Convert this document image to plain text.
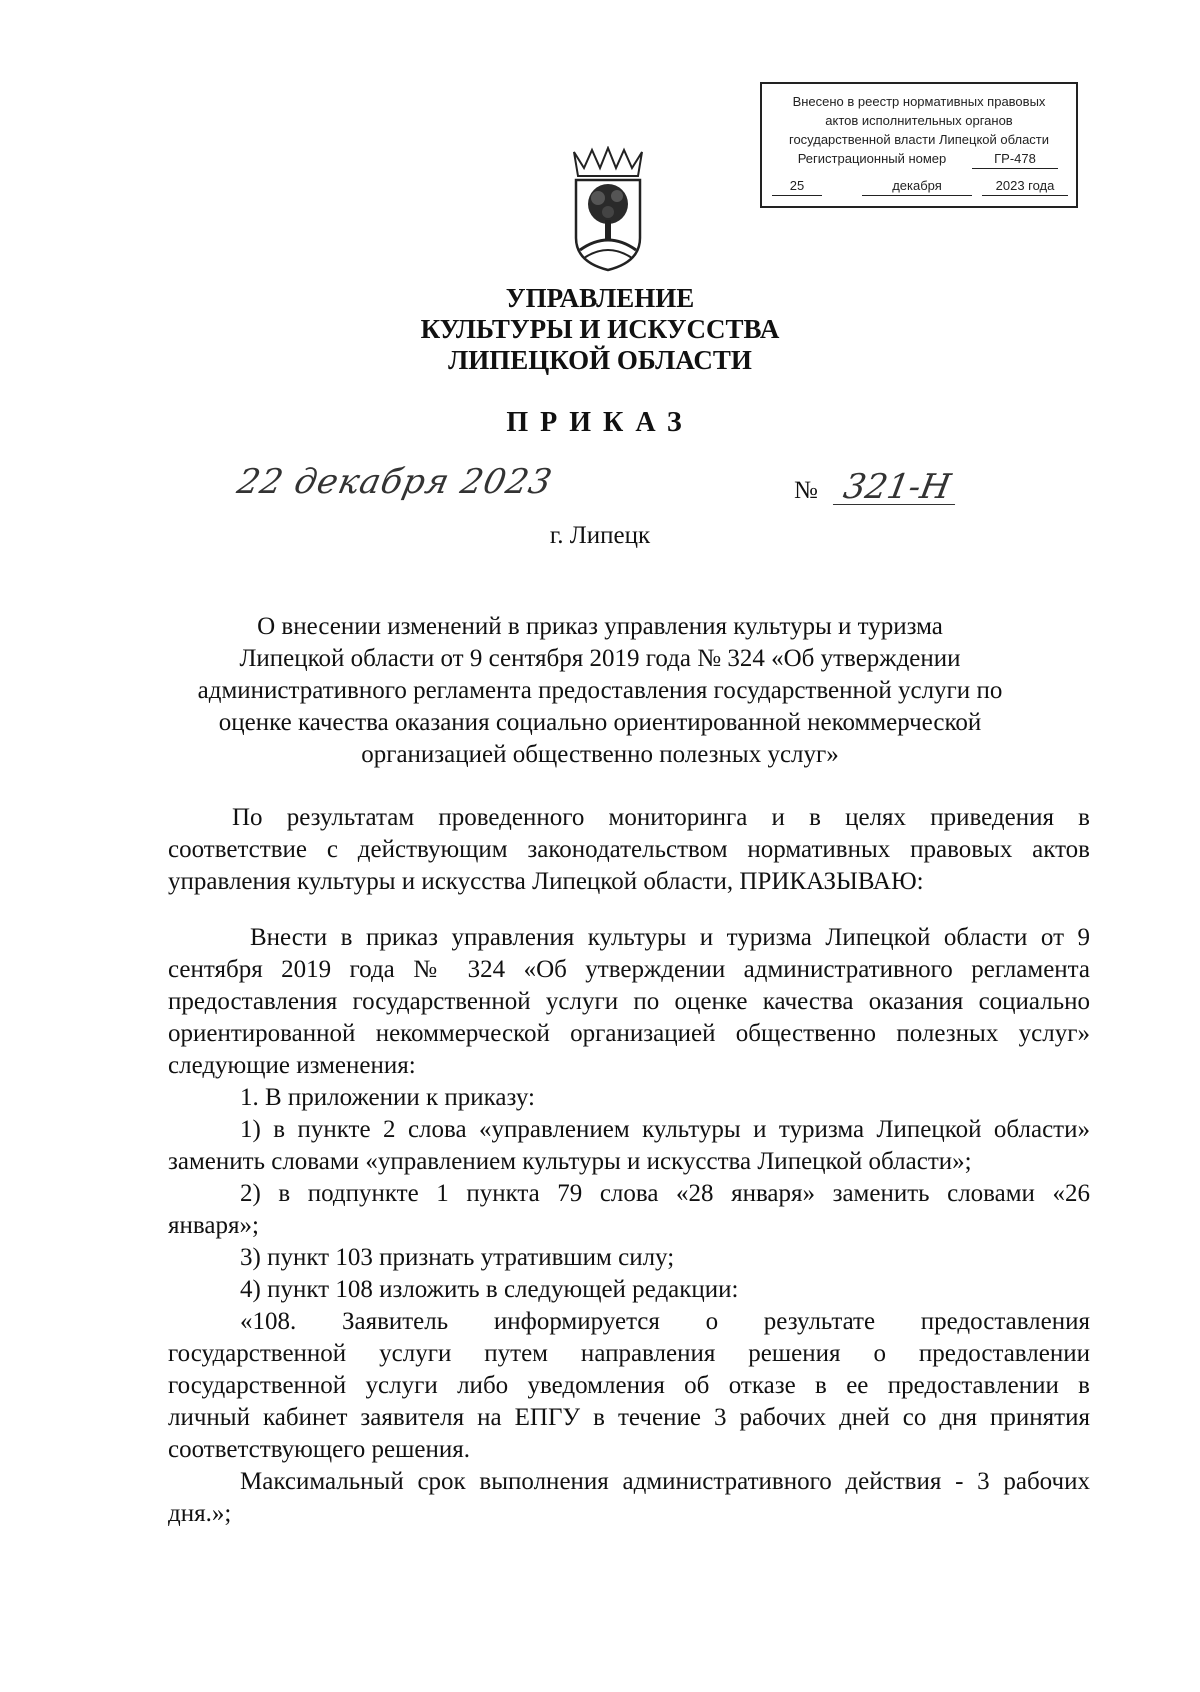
Внесено в реестр нормативных правовых
актов исполнительных органов
государственной власти Липецкой области
Регистрационный номер	ГР-478
25	декабря	2023 года
УПРАВЛЕНИЕ
КУЛЬТУРЫ И ИСКУССТВА
ЛИПЕЦКОЙ ОБЛАСТИ
ПРИКАЗ
22 декабря 2023	№ 321-Н
г. Липецк
О внесении изменений в приказ управления культуры и туризма
Липецкой области от 9 сентября 2019 года № 324 «Об утверждении
административного регламента предоставления государственной услуги по
оценке качества оказания социально ориентированной некоммерческой
организацией общественно полезных услуг»
По результатам проведенного мониторинга и в целях приведения в
соответствие с действующим законодательством нормативных правовых актов
управления культуры и искусства Липецкой области, ПРИКАЗЫВАЮ:
Внести в приказ управления культуры и туризма Липецкой области от 9
сентября 2019 года № 324 «Об утверждении административного регламента
предоставления государственной услуги по оценке качества оказания социально
ориентированной некоммерческой организацией общественно полезных услуг»
следующие изменения:
1. В приложении к приказу:
1) в пункте 2 слова «управлением культуры и туризма Липецкой области»
заменить словами «управлением культуры и искусства Липецкой области»;
2) в подпункте 1 пункта 79 слова «28 января» заменить словами «26
января»;
3) пункт 103 признать утратившим силу;
4) пункт 108 изложить в следующей редакции:
«108. Заявитель информируется о результате предоставления
государственной услуги путем направления решения о предоставлении
государственной услуги либо уведомления об отказе в ее предоставлении в
личный кабинет заявителя на ЕПГУ в течение 3 рабочих дней со дня принятия
соответствующего решения.
Максимальный срок выполнения административного действия - 3 рабочих
дня.»;
